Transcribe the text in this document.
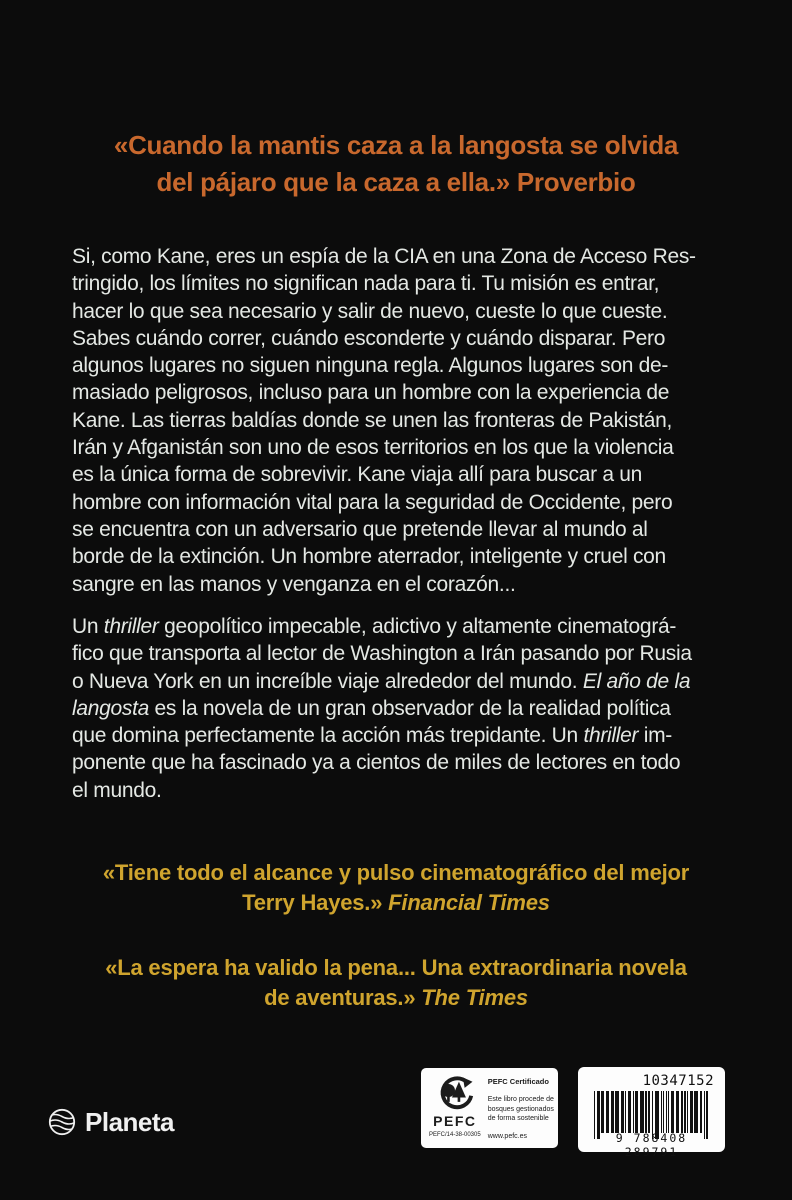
«Cuando la mantis caza a la langosta se olvida
del pájaro que la caza a ella.» Proverbio
Si, como Kane, eres un espía de la CIA en una Zona de Acceso Res-
tringido, los límites no significan nada para ti. Tu misión es entrar,
hacer lo que sea necesario y salir de nuevo, cueste lo que cueste.
Sabes cuándo correr, cuándo esconderte y cuándo disparar. Pero
algunos lugares no siguen ninguna regla. Algunos lugares son de-
masiado peligrosos, incluso para un hombre con la experiencia de
Kane. Las tierras baldías donde se unen las fronteras de Pakistán,
Irán y Afganistán son uno de esos territorios en los que la violencia
es la única forma de sobrevivir. Kane viaja allí para buscar a un
hombre con información vital para la seguridad de Occidente, pero
se encuentra con un adversario que pretende llevar al mundo al
borde de la extinción. Un hombre aterrador, inteligente y cruel con
sangre en las manos y venganza en el corazón...
Un thriller geopolítico impecable, adictivo y altamente cinematográ-
fico que transporta al lector de Washington a Irán pasando por Rusia
o Nueva York en un increíble viaje alrededor del mundo. El año de la
langosta es la novela de un gran observador de la realidad política
que domina perfectamente la acción más trepidante. Un thriller im-
ponente que ha fascinado ya a cientos de miles de lectores en todo
el mundo.
«Tiene todo el alcance y pulso cinematográfico del mejor
Terry Hayes.» Financial Times
«La espera ha valido la pena... Una extraordinaria novela
de aventuras.» The Times
Planeta	PEFC
PEFC/14-38-00305
PEFC Certificado
Este libro procede de
bosques gestionados
de forma sostenible
www.pefc.es
10347152
9 788408 289791
